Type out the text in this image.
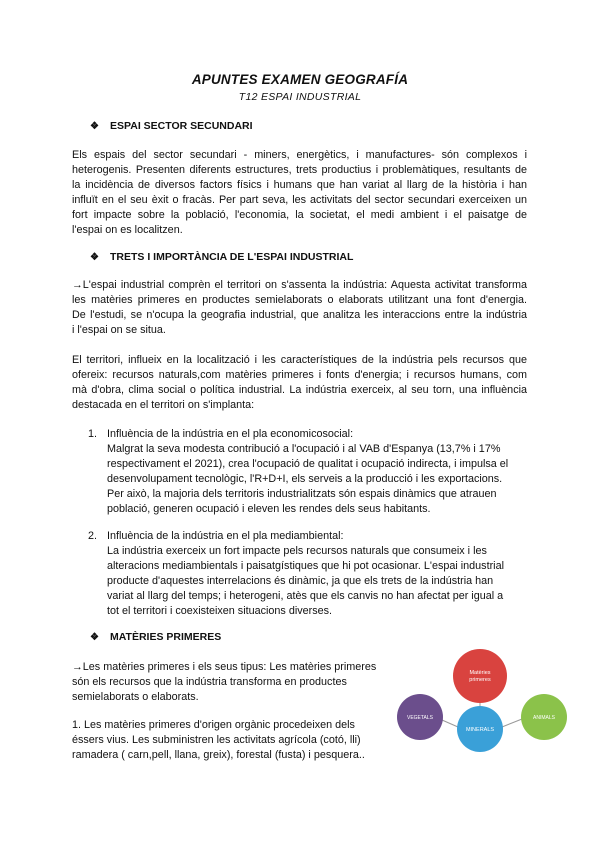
APUNTES EXAMEN GEOGRAFÍA
T12 ESPAI INDUSTRIAL
❖ ESPAI SECTOR SECUNDARI
Els espais del sector secundari - miners, energètics, i manufactures- són complexos i
heterogenis. Presenten diferents estructures, trets productius i problemàtiques, resultants de
la incidència de diversos factors físics i humans que han variat al llarg de la història i han
influït en el seu èxit o fracàs. Per part seva, les activitats del sector secundari exerceixen un
fort impacte sobre la població, l'economia, la societat, el medi ambient i el paisatge de
l'espai on es localitzen.
❖ TRETS I IMPORTÀNCIA DE L'ESPAI INDUSTRIAL
→L'espai industrial comprèn el territori on s'assenta la indústria: Aquesta activitat transforma
les matèries primeres en productes semielaborats o elaborats utilitzant una font d'energia.
De l'estudi, se n'ocupa la geografia industrial, que analitza les interaccions entre la indústria
i l'espai on se situa.
El territori, influeix en la localització i les característiques de la indústria pels recursos que
ofereix: recursos naturals,com matèries primeres i fonts d'energia; i recursos humans, com
mà d'obra, clima social o política industrial. La indústria exerceix, al seu torn, una influència
destacada en el territori on s'implanta:
1. Influència de la indústria en el pla economicosocial:
Malgrat la seva modesta contribució a l'ocupació i al VAB d'Espanya (13,7% i 17%
respectivament el 2021), crea l'ocupació de qualitat i ocupació indirecta, i impulsa el
desenvolupament tecnològic, l'R+D+I, els serveis a la producció i les exportacions.
Per això, la majoria dels territoris industrialitzats són espais dinàmics que atrauen
població, generen ocupació i eleven les rendes dels seus habitants.
2. Influència de la indústria en el pla mediambiental:
La indústria exerceix un fort impacte pels recursos naturals que consumeix i les
alteracions mediambientals i paisatgístiques que hi pot ocasionar. L'espai industrial
producte d'aquestes interrelacions és dinàmic, ja que els trets de la indústria han
variat al llarg del temps; i heterogeni, atès que els canvis no han afectat per igual a
tot el territori i coexisteixen situacions diverses.
❖ MATÈRIES PRIMERES
→Les matèries primeres i els seus tipus: Les matèries primeres
són els recursos que la indústria transforma en productes
semielaborats o elaborats.
1. Les matèries primeres d'origen orgànic procedeixen dels
éssers vius. Les subministren les activitats agrícola (cotó, lli)
ramadera ( carn,pell, llana, greix), forestal (fusta) i pesquera..
Matèries
primeres
MINERALS
VEGETALS	ANIMALS
